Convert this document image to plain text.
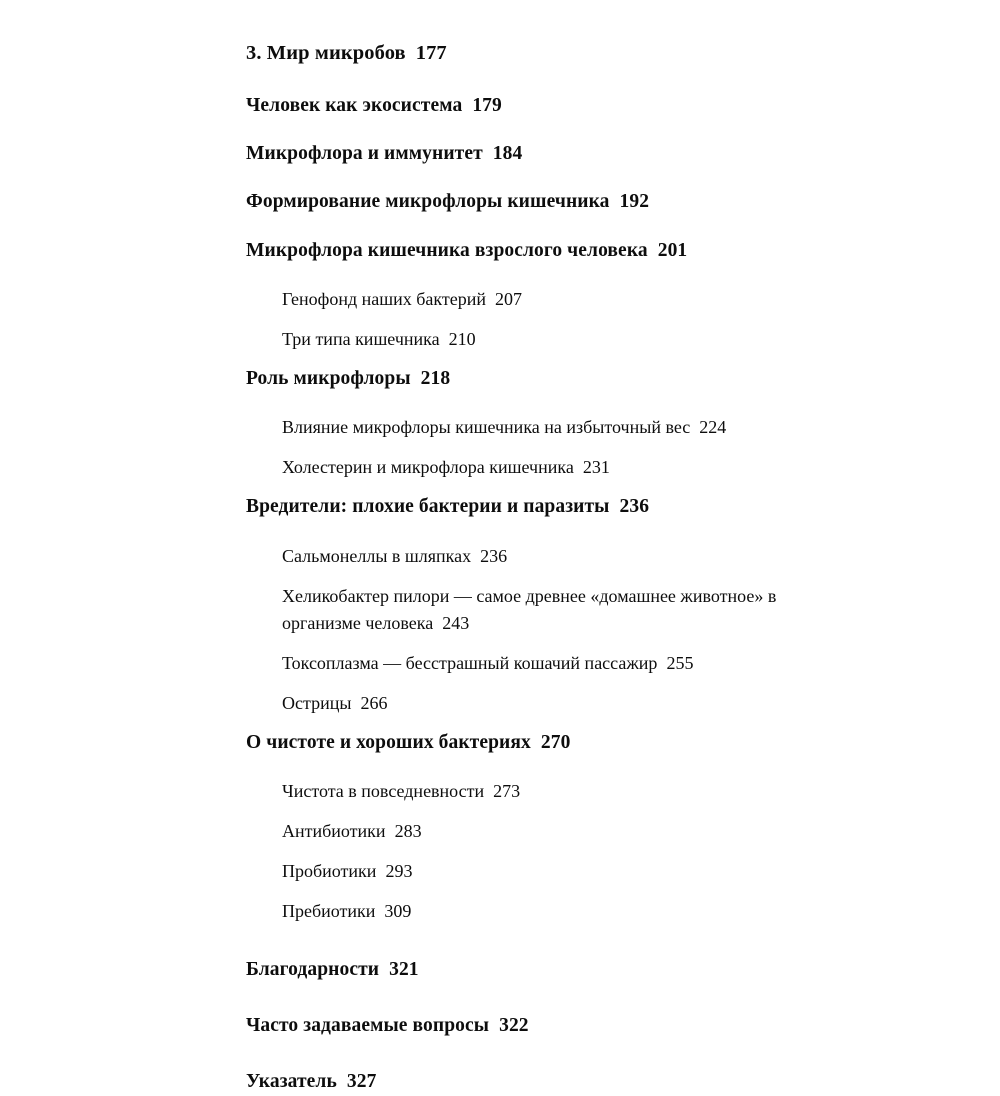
3. Мир микробов 177
Человек как экосистема 179
Микрофлора и иммунитет 184
Формирование микрофлоры кишечника 192
Микрофлора кишечника взрослого человека 201
Генофонд наших бактерий 207
Три типа кишечника 210
Роль микрофлоры 218
Влияние микрофлоры кишечника на избыточный вес 224
Холестерин и микрофлора кишечника 231
Вредители: плохие бактерии и паразиты 236
Сальмонеллы в шляпках 236
Хеликобактер пилори — самое древнее «домашнее животное» в организме человека 243
Токсоплазма — бесстрашный кошачий пассажир 255
Острицы 266
О чистоте и хороших бактериях 270
Чистота в повседневности 273
Антибиотики 283
Пробиотики 293
Пребиотики 309
Благодарности 321
Часто задаваемые вопросы 322
Указатель 327
